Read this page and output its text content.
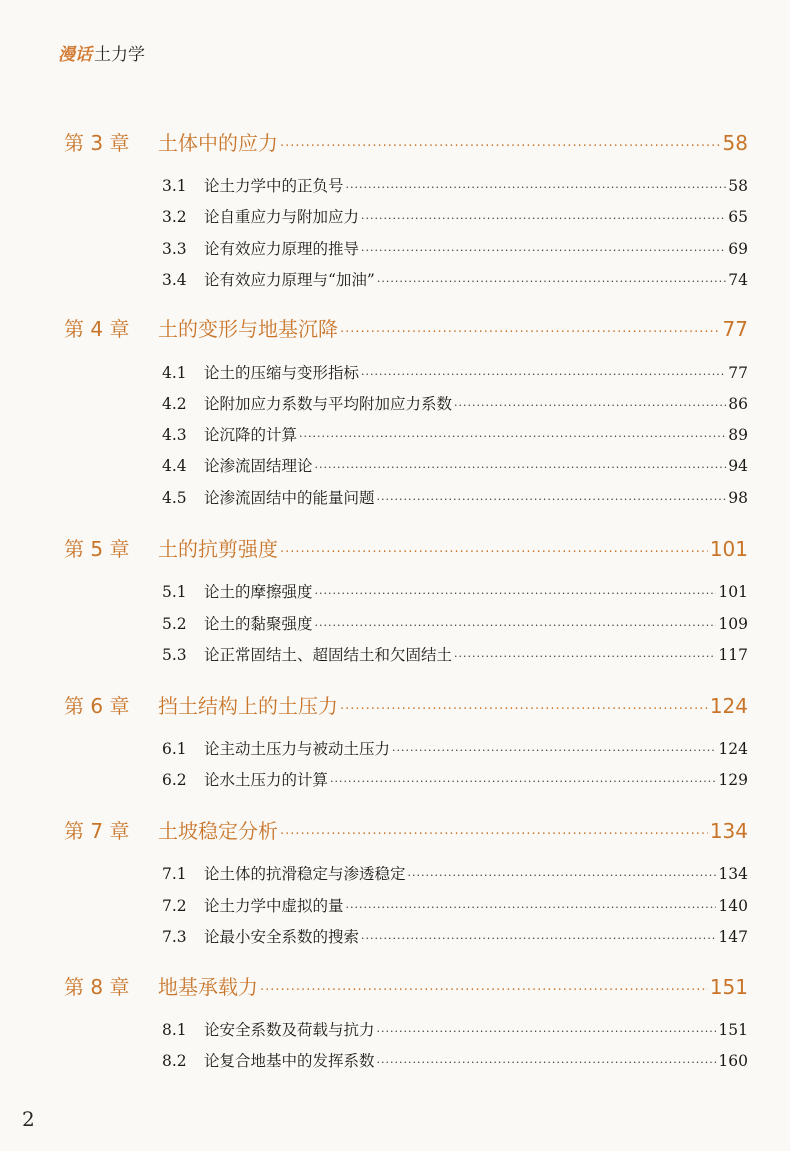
漫话 土力学
第 3 章	土体中的应力 ·····	58
3.1	论土力学中的正负号 ·····	58
3.2	论自重应力与附加应力 ·····	65
3.3	论有效应力原理的推导 ·····	69
3.4	论有效应力原理与“加油” ·····	74
第 4 章	土的变形与地基沉降 ·····	77
4.1	论土的压缩与变形指标 ·····	77
4.2	论附加应力系数与平均附加应力系数 ·····	86
4.3	论沉降的计算 ·····	89
4.4	论渗流固结理论 ·····	94
4.5	论渗流固结中的能量问题 ·····	98
第 5 章	土的抗剪强度 ·····	101
5.1	论土的摩擦强度 ·····	101
5.2	论土的黏聚强度 ·····	109
5.3	论正常固结土、超固结土和欠固结土 ·····	117
第 6 章	挡土结构上的土压力 ·····	124
6.1	论主动土压力与被动土压力 ·····	124
6.2	论水土压力的计算 ·····	129
第 7 章	土坡稳定分析 ·····	134
7.1	论土体的抗滑稳定与渗透稳定 ·····	134
7.2	论土力学中虚拟的量 ·····	140
7.3	论最小安全系数的搜索 ·····	147
第 8 章	地基承载力 ·····	151
8.1	论安全系数及荷载与抗力 ·····	151
8.2	论复合地基中的发挥系数 ·····	160
2
